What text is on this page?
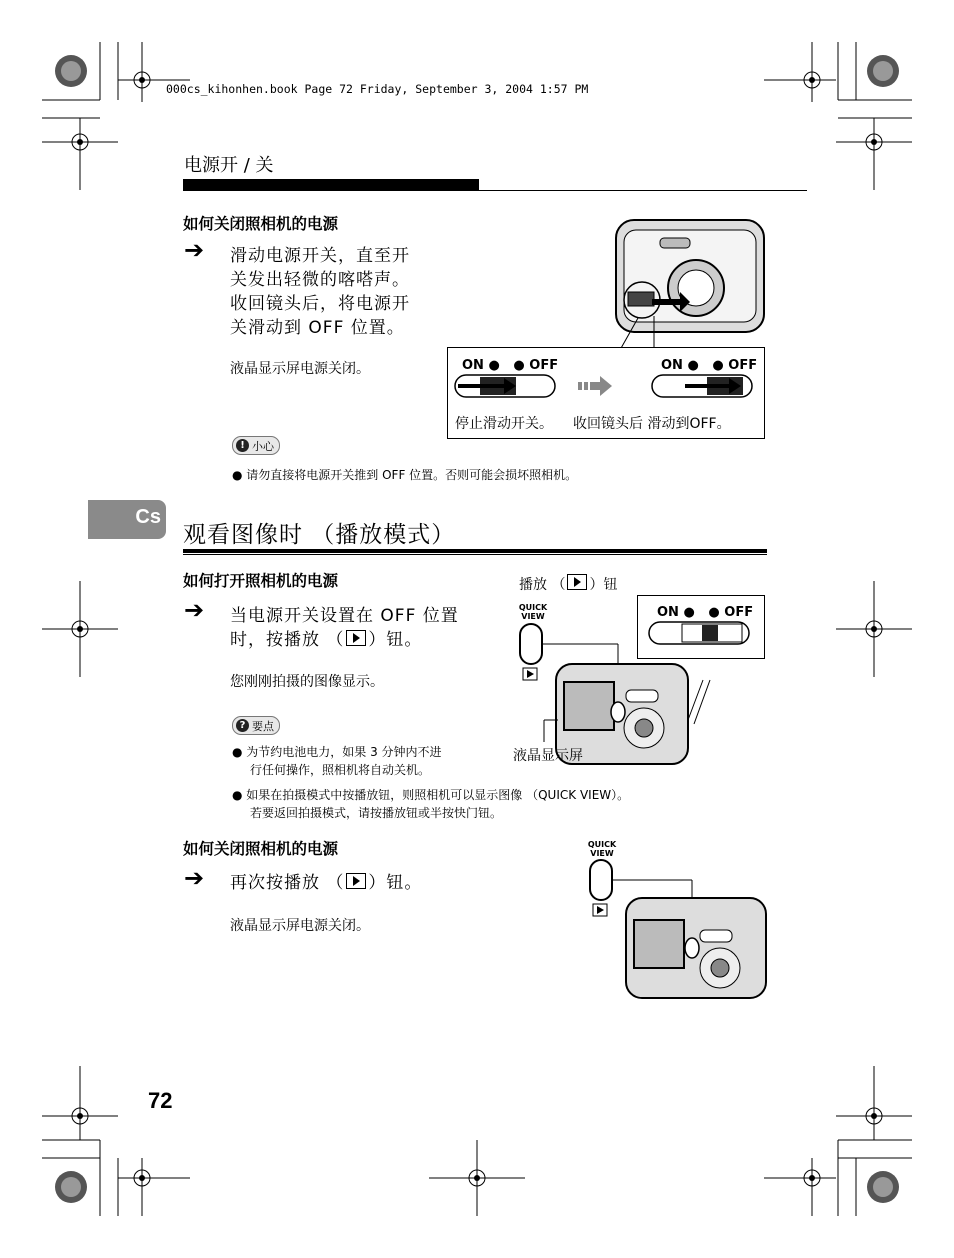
000cs_kihonhen.book Page 72 Friday, September 3, 2004 1:57 PM
电源开 / 关
如何关闭照相机的电源
➔ 滑动电源开关，直至开
关发出轻微的喀嗒声。
收回镜头后，将电源开
关滑动到 OFF 位置。
液晶显示屏电源关闭。	ON ●   ● OFF	ON ●   ● OFF
停止滑动开关。 收回镜头后 滑动到OFF。
! 小心
● 请勿直接将电源开关推到 OFF 位置。否则可能会损坏照相机。
Cs
观看图像时 （播放模式）
如何打开照相机的电源	播放 （ ）钮
➔ 当电源开关设置在 OFF 位置
时，按播放 （ ）钮。
您刚刚拍摄的图像显示。
QUICK
VIEW	ON ●   ● OFF
液晶显示屏
? 要点
● 为节约电池电力，如果 3 分钟内不进
行任何操作，照相机将自动关机。
● 如果在拍摄模式中按播放钮，则照相机可以显示图像 （QUICK VIEW）。
若要返回拍摄模式，请按播放钮或半按快门钮。
如何关闭照相机的电源
➔ 再次按播放 （ ）钮。
液晶显示屏电源关闭。
QUICK
VIEW
72
